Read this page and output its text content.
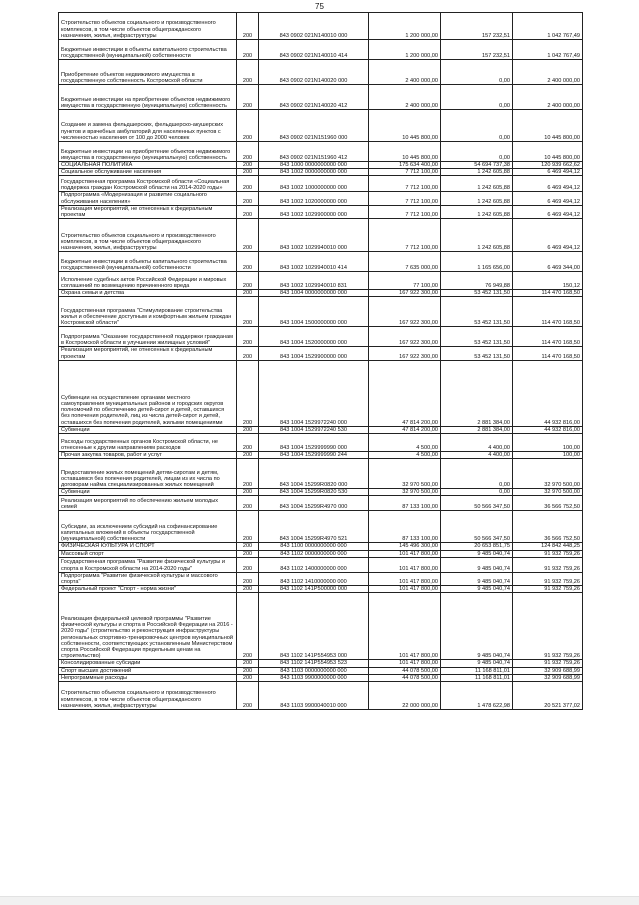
75
Строительство объектов социального и производственного комплексов, в том числе объектов общегражданского назначения, жилья, инфраструктуры	200	843 0902 021N140010 000	1 200 000,00	157 232,51	1 042 767,49
Бюджетные инвестиции в объекты капитального строительства государственной (муниципальной) собственности	200	843 0902 021N140010 414	1 200 000,00	157 232,51	1 042 767,49
Приобретение объектов недвижимого имущества в государственную собственность Костромской области	200	843 0902 021N140020 000	2 400 000,00	0,00	2 400 000,00
Бюджетные инвестиции на приобретение объектов недвижимого имущества в государственную (муниципальную) собственность	200	843 0902 021N140020 412	2 400 000,00	0,00	2 400 000,00
Создание и замена фельдшерских, фельдшерско-акушерских пунктов и врачебных амбулаторий для населенных пунктов с численностью населения от 100 до 2000 человек	200	843 0902 021N151960 000	10 445 800,00	0,00	10 445 800,00
Бюджетные инвестиции на приобретение объектов недвижимого имущества в государственную (муниципальную) собственность	200	843 0902 021N151960 412	10 445 800,00	0,00	10 445 800,00
СОЦИАЛЬНАЯ ПОЛИТИКА	200	843 1000 0000000000 000	175 634 400,00	54 694 737,38	120 939 662,62
Социальное обслуживание населения	200	843 1002 0000000000 000	7 712 100,00	1 242 605,88	6 469 494,12
Государственная программа Костромской области «Социальная поддержка граждан Костромской области на 2014-2020 годы»	200	843 1002 1000000000 000	7 712 100,00	1 242 605,88	6 469 494,12
Подпрограмма «Модернизация и развитие социального обслуживания населения»	200	843 1002 1020000000 000	7 712 100,00	1 242 605,88	6 469 494,12
Реализация мероприятий, не отнесенных к федеральным проектам	200	843 1002 1029900000 000	7 712 100,00	1 242 605,88	6 469 494,12
Строительство объектов социального и производственного комплексов, в том числе объектов общегражданского назначения, жилья, инфраструктуры	200	843 1002 1029940010 000	7 712 100,00	1 242 605,88	6 469 494,12
Бюджетные инвестиции в объекты капитального строительства государственной (муниципальной) собственности	200	843 1002 1029940010 414	7 635 000,00	1 165 656,00	6 469 344,00
Исполнение судебных актов Российской Федерации и мировых соглашений по возмещению причиненного вреда	200	843 1002 1029940010 831	77 100,00	76 949,88	150,12
Охрана семьи и детства	200	843 1004 0000000000 000	167 922 300,00	53 452 131,50	114 470 168,50
Государственная программа "Стимулирование строительства жилья и обеспечение доступным и комфортным жильем граждан Костромской области"	200	843 1004 1500000000 000	167 922 300,00	53 452 131,50	114 470 168,50
Подпрограмма "Оказание государственной поддержки гражданам в Костромской области в улучшении жилищных условий"	200	843 1004 1520000000 000	167 922 300,00	53 452 131,50	114 470 168,50
Реализация мероприятий, не отнесенных к федеральным проектам	200	843 1004 1529900000 000	167 922 300,00	53 452 131,50	114 470 168,50
Субвенции на осуществление органами местного самоуправления муниципальных районов и городских округов полномочий по обеспечению детей-сирот и детей, оставшихся без попечения родителей, лиц из числа детей-сирот и детей, оставшихся без попечения родителей, жилыми помещениями	200	843 1004 1529972240 000	47 814 200,00	2 881 384,00	44 932 816,00
Субвенции	200	843 1004 1529972240 530	47 814 200,00	2 881 384,00	44 932 816,00
Расходы государственных органов Костромской области, не отнесенные к другим направлениям расходов	200	843 1004 1529999990 000	4 500,00	4 400,00	100,00
Прочая закупка товаров, работ и услуг	200	843 1004 1529999990 244	4 500,00	4 400,00	100,00
Предоставление жилых помещений детям-сиротам и детям, оставшимся без попечения родителей, лицам из их числа по договорам найма специализированных жилых помещений	200	843 1004 15299R0820 000	32 970 500,00	0,00	32 970 500,00
Субвенции	200	843 1004 15299R0820 530	32 970 500,00	0,00	32 970 500,00
Реализация мероприятий по обеспечению жильем молодых семей	200	843 1004 15299R4970 000	87 133 100,00	50 566 347,50	36 566 752,50
Субсидии, за исключением субсидий на софинансирование капитальных вложений в объекты государственной (муниципальной) собственности	200	843 1004 15299R4970 521	87 133 100,00	50 566 347,50	36 566 752,50
ФИЗИЧЕСКАЯ КУЛЬТУРА И СПОРТ	200	843 1100 0000000000 000	145 496 300,00	20 653 851,75	124 842 448,25
Массовый спорт	200	843 1102 0000000000 000	101 417 800,00	9 485 040,74	91 932 759,26
Государственная программа "Развитие физической культуры и спорта в Костромской области на 2014-2020 годы"	200	843 1102 1400000000 000	101 417 800,00	9 485 040,74	91 932 759,26
Подпрограмма "Развитие физической культуры и массового спорта"	200	843 1102 1410000000 000	101 417 800,00	9 485 040,74	91 932 759,26
Федеральный проект "Спорт - норма жизни"	200	843 1102 141P500000 000	101 417 800,00	9 485 040,74	91 932 759,26
Реализация федеральной целевой программы "Развитие физической культуры и спорта в Российской Федерации на 2016 - 2020 годы" (строительство и реконструкция инфраструктуры региональных спортивно-тренировочных центров муниципальной собственности, соответствующих установленным Министерством спорта Российской Федерации предельным ценам на строительство)	200	843 1102 141P554953 000	101 417 800,00	9 485 040,74	91 932 759,26
Консолидированные субсидии	200	843 1102 141P554953 523	101 417 800,00	9 485 040,74	91 932 759,26
Спорт высших достижений	200	843 1103 0000000000 000	44 078 500,00	11 168 811,01	32 909 688,99
Непрограммные расходы	200	843 1103 9900000000 000	44 078 500,00	11 168 811,01	32 909 688,99
Строительство объектов социального и производственного комплексов, в том числе объектов общегражданского назначения, жилья, инфраструктуры	200	843 1103 9900040010 000	22 000 000,00	1 478 622,98	20 521 377,02
